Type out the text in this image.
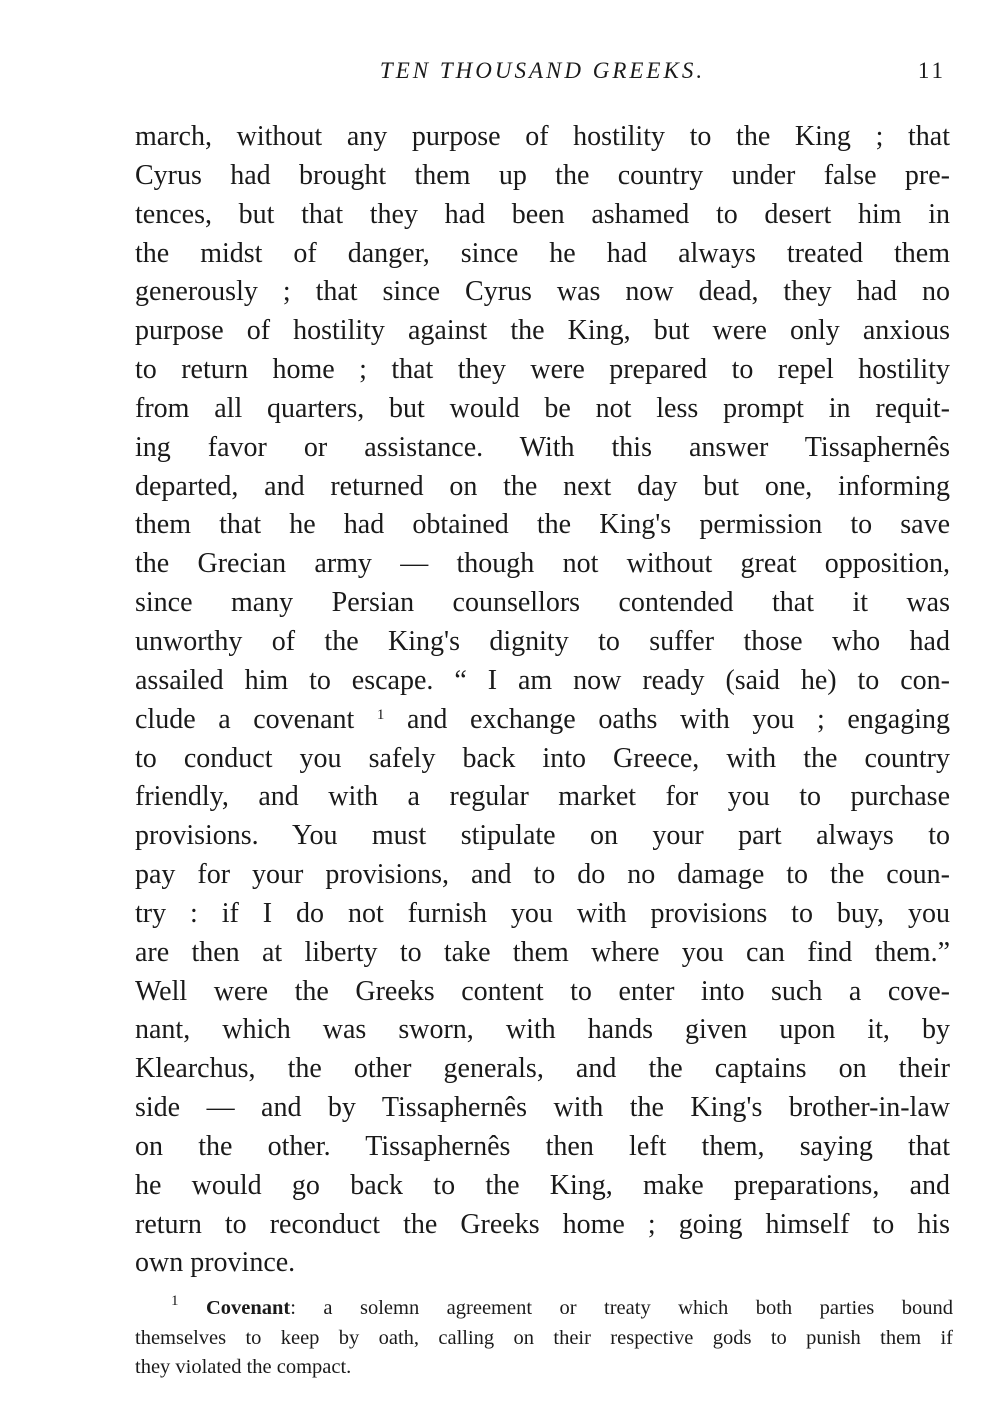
TEN THOUSAND GREEKS.	11
march, without any purpose of hostility to the King ; that
Cyrus had brought them up the country under false pre-
tences, but that they had been ashamed to desert him in
the midst of danger, since he had always treated them
generously ; that since Cyrus was now dead, they had no
purpose of hostility against the King, but were only anxious
to return home ; that they were prepared to repel hostility
from all quarters, but would be not less prompt in requit-
ing favor or assistance. With this answer Tissaphernês
departed, and returned on the next day but one, informing
them that he had obtained the King's permission to save
the Grecian army — though not without great opposition,
since many Persian counsellors contended that it was
unworthy of the King's dignity to suffer those who had
assailed him to escape. “ I am now ready (said he) to con-
clude a covenant $^1$ and exchange oaths with you ; engaging
to conduct you safely back into Greece, with the country
friendly, and with a regular market for you to purchase
provisions. You must stipulate on your part always to
pay for your provisions, and to do no damage to the coun-
try : if I do not furnish you with provisions to buy, you
are then at liberty to take them where you can find them.”
Well were the Greeks content to enter into such a cove-
nant, which was sworn, with hands given upon it, by
Klearchus, the other generals, and the captains on their
side — and by Tissaphernês with the King's brother-in-law
on the other. Tissaphernês then left them, saying that
he would go back to the King, make preparations, and
return to reconduct the Greeks home ; going himself to his
own province.
$^1$ Covenant: a solemn agreement or treaty which both parties bound
themselves to keep by oath, calling on their respective gods to punish them if
they violated the compact.
